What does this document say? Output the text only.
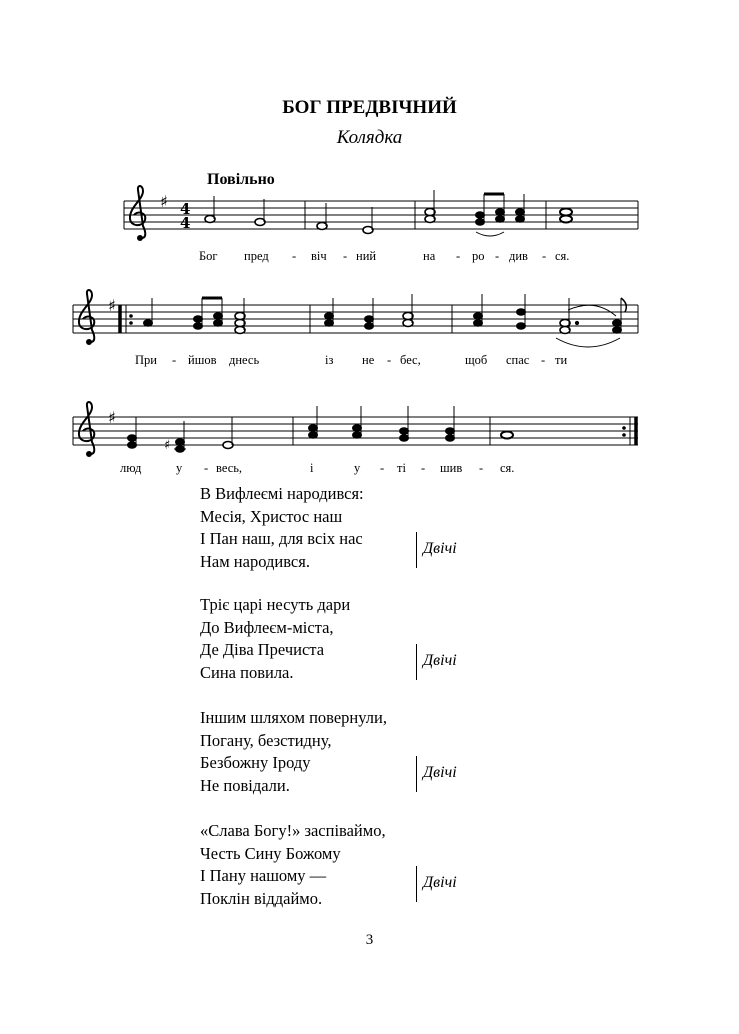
БОГ ПРЕДВІЧНИЙ
Колядка
Повільно
♯ 4
4
Бог пред - віч - ний	на - ро - див - ся.
♯
При - йшов днесь	із не - бес,	щоб спас - ти
♯
♯
люд	у - весь,	і	у - ті - шив - ся.
В Вифлеємі народився:
Месія, Христос наш
І Пан наш, для всіх нас
Нам народився.
Двічі
Тріє царі несуть дари
До Вифлеєм-міста,
Де Діва Пречиста
Сина повила.
Двічі
Іншим шляхом повернули,
Погану, безстидну,
Безбожну Іроду
Не повідали.
Двічі
«Слава Богу!» заспіваймо,
Честь Сину Божому
І Пану нашому —
Поклін віддаймо.
Двічі
3
